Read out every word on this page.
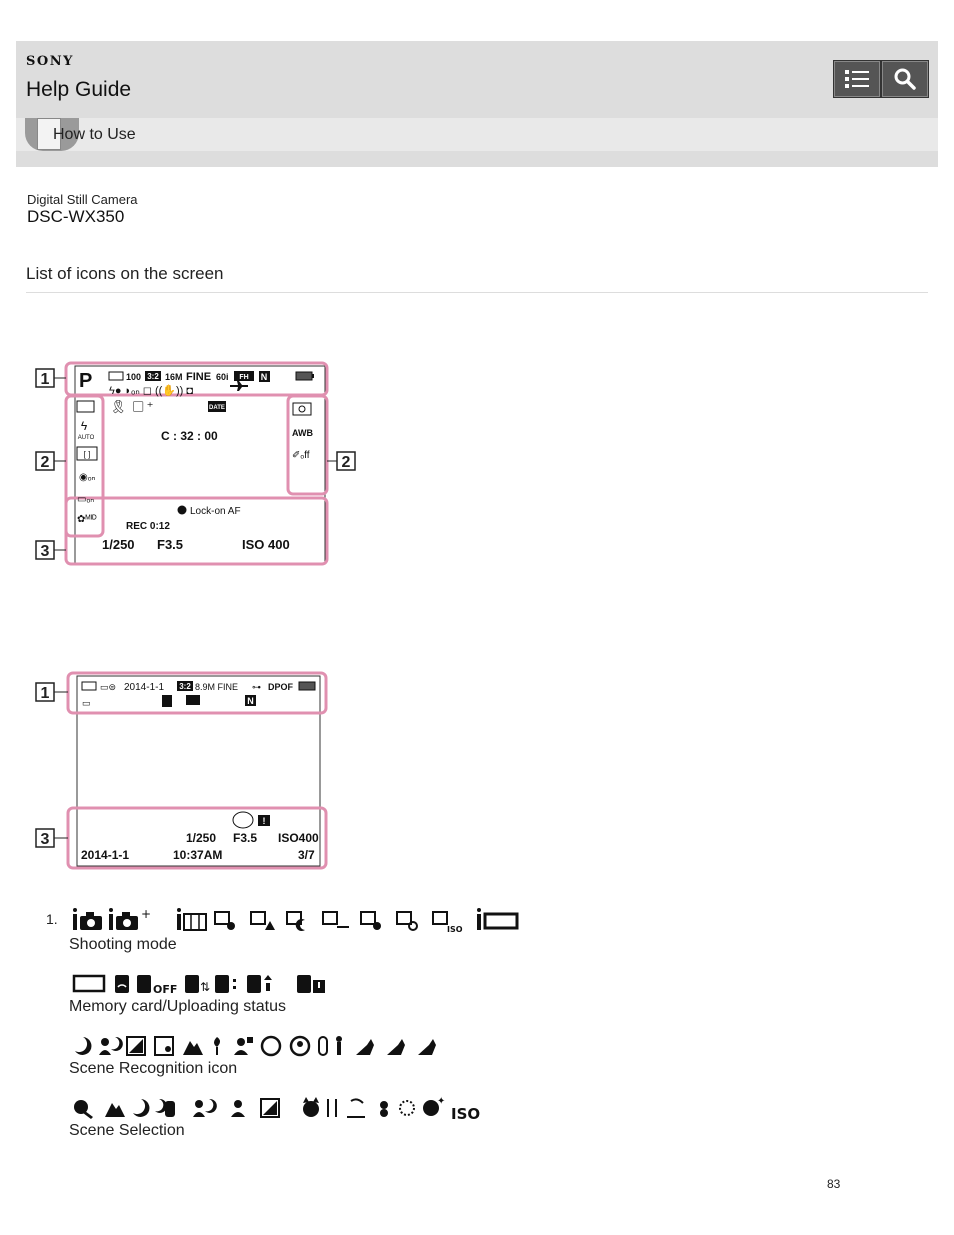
SONY
Help Guide
How to Use
Digital Still Camera
DSC-WX350
List of icons on the screen
1
2	2
3
P	100 3:2 16M FINE 60i FH N
ϟ● ◗ₒₙ ◻ ((✋)) ◘
🎗 ◻⁺	DATE
ϟ
AUTO
[ ]
◉ₒₙ
▭ₒₙ
✿ᴹᴵᴰ
C : 32 : 00	AWB
✐ₒff
Lock-on AF
REC 0:12
1/250 F3.5	ISO 400
1
3
▭⊜ 2014-1-1 3:2 8.9M FINE ⊶ DPOF
▭	N
!
1/250 F3.5 ISO400
2014-1-1	10:37AM	3/7
1.	+
ISO
Shooting mode
OFF ⇅
Memory card/Uploading status
Scene Recognition icon
✦
ISO
Scene Selection
83
